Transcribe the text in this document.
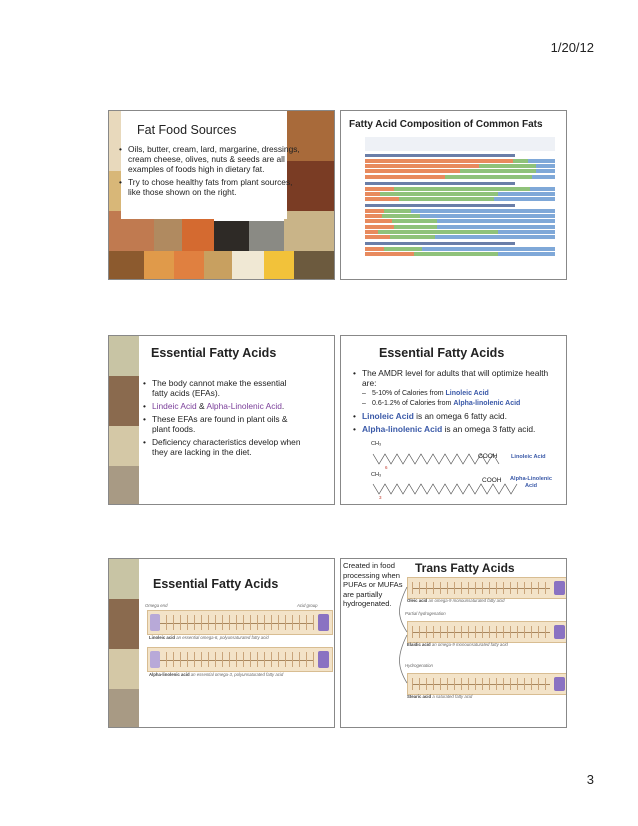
1/20/12
Fat Food Sources
• Oils, butter, cream, lard, margarine, dressings, cream cheese, olives, nuts & seeds are all examples of foods high in dietary fat.
• Try to chose healthy fats from plant sources, like those shown on the right.
Fatty Acid Composition of Common Fats
Essential Fatty Acids
• The body cannot make the essential fatty acids (EFAs).
• Lindeic Acid & Alpha-Linolenic Acid.
• These EFAs are found in plant oils & plant foods.
• Deficiency characteristics develop when they are lacking in the diet.
Essential Fatty Acids
• The AMDR level for adults that will optimize health are:
– 5-10% of Calories from Linoleic Acid
– 0.6-1.2% of Calories from Alpha-linolenic Acid
• Linoleic Acid is an omega 6 fatty acid.
• Alpha-linolenic Acid is an omega 3 fatty acid.
6
CH₃
COOH Linoleic Acid
3
CH₃
COOH	Alpha-Linolenic Acid
Essential Fatty Acids
Omega end	Acid group
Linoleic acid an essential omega-6, polyunsaturated fatty acid
Alpha-linolenic acid an essential omega-3, polyunsaturated fatty acid
Created in food processing when PUFAs or MUFAs are partially hydrogenated.
Trans Fatty Acids
Oleic acid an omega-9 monounsaturated fatty acid
Partial hydrogenation
Elaidic acid an omega-9 monounsaturated fatty acid
Hydrogenation
Stearic acid a saturated fatty acid
3
